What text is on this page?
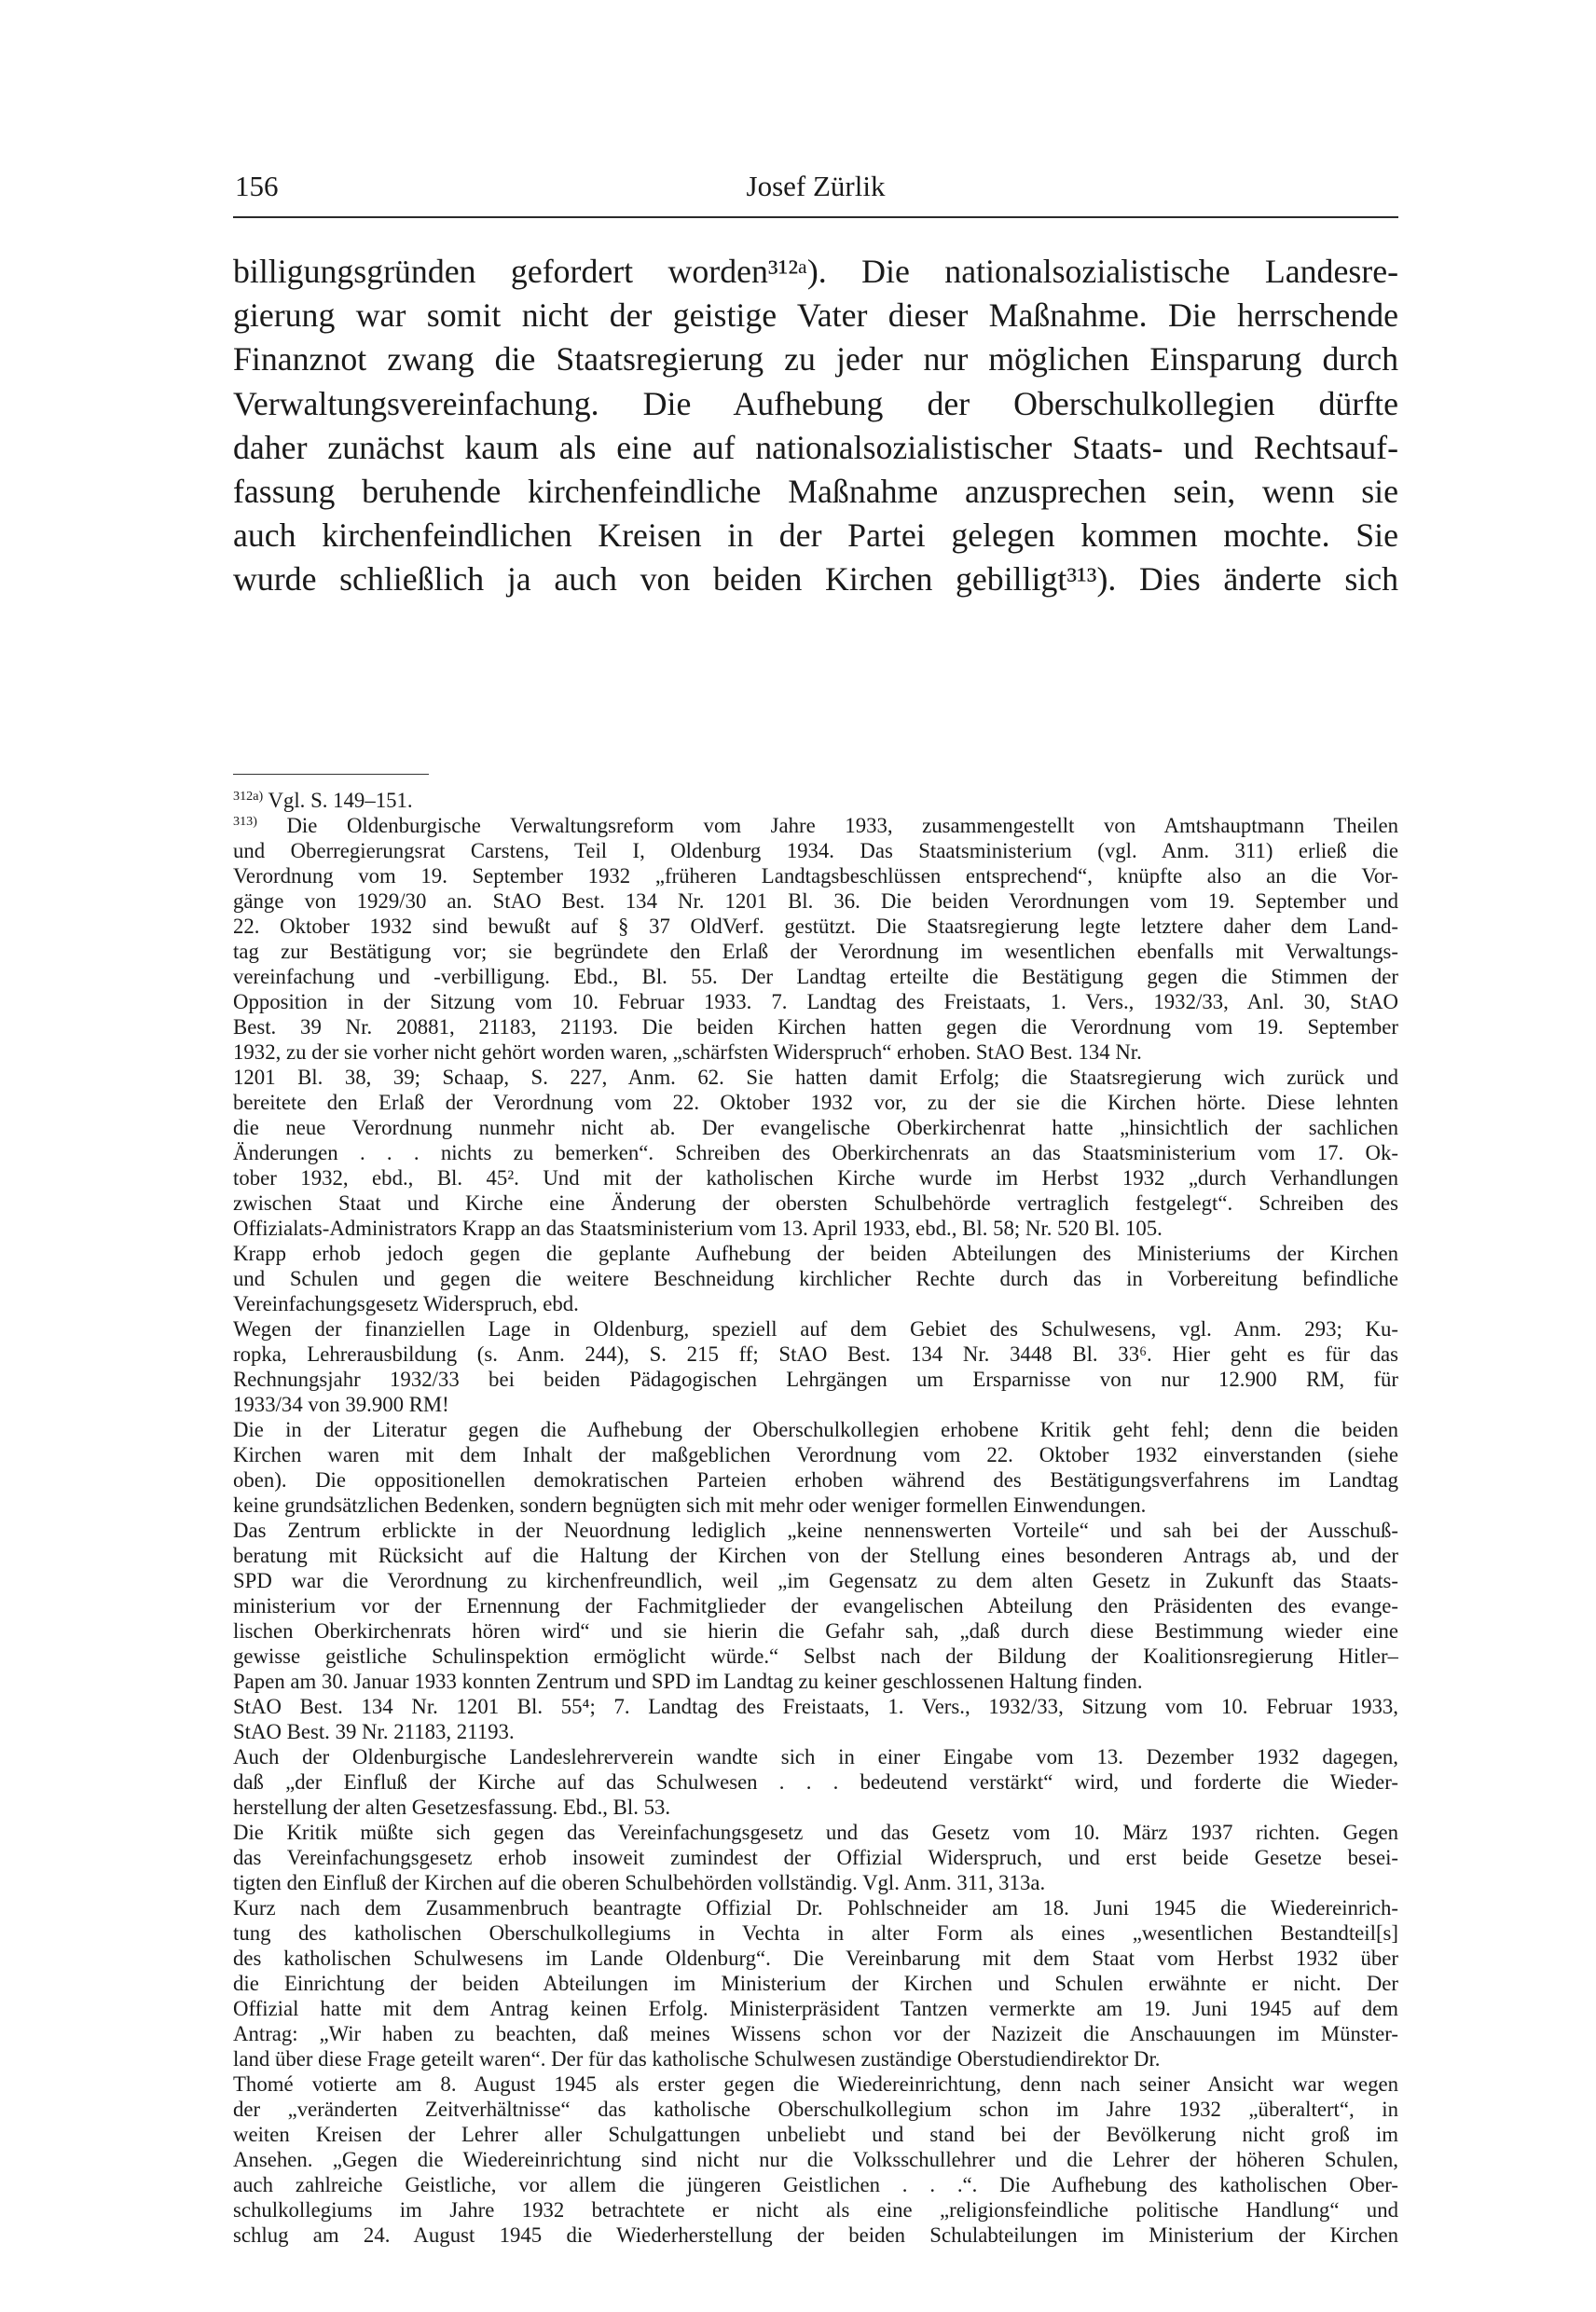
156	Josef Zürlik
billigungsgründen gefordert worden³¹²ᵃ). Die nationalsozialistische Landesre-
gierung war somit nicht der geistige Vater dieser Maßnahme. Die herrschende
Finanznot zwang die Staatsregierung zu jeder nur möglichen Einsparung durch
Verwaltungsvereinfachung. Die Aufhebung der Oberschulkollegien dürfte
daher zunächst kaum als eine auf nationalsozialistischer Staats- und Rechtsauf-
fassung beruhende kirchenfeindliche Maßnahme anzusprechen sein, wenn sie
auch kirchenfeindlichen Kreisen in der Partei gelegen kommen mochte. Sie
wurde schließlich ja auch von beiden Kirchen gebilligt³¹³). Dies änderte sich
$^{312a)}$ Vgl. S. 149–151.
$^{313)}$ Die Oldenburgische Verwaltungsreform vom Jahre 1933, zusammengestellt von Amtshauptmann Theilen
und Oberregierungsrat Carstens, Teil I, Oldenburg 1934. Das Staatsministerium (vgl. Anm. 311) erließ die
Verordnung vom 19. September 1932 „früheren Landtagsbeschlüssen entsprechend“, knüpfte also an die Vor-
gänge von 1929/30 an. StAO Best. 134 Nr. 1201 Bl. 36. Die beiden Verordnungen vom 19. September und
22. Oktober 1932 sind bewußt auf § 37 OldVerf. gestützt. Die Staatsregierung legte letztere daher dem Land-
tag zur Bestätigung vor; sie begründete den Erlaß der Verordnung im wesentlichen ebenfalls mit Verwaltungs-
vereinfachung und -verbilligung. Ebd., Bl. 55. Der Landtag erteilte die Bestätigung gegen die Stimmen der
Opposition in der Sitzung vom 10. Februar 1933. 7. Landtag des Freistaats, 1. Vers., 1932/33, Anl. 30, StAO
Best. 39 Nr. 20881, 21183, 21193. Die beiden Kirchen hatten gegen die Verordnung vom 19. September
1932, zu der sie vorher nicht gehört worden waren, „schärfsten Widerspruch“ erhoben. StAO Best. 134 Nr.
1201 Bl. 38, 39; Schaap, S. 227, Anm. 62. Sie hatten damit Erfolg; die Staatsregierung wich zurück und
bereitete den Erlaß der Verordnung vom 22. Oktober 1932 vor, zu der sie die Kirchen hörte. Diese lehnten
die neue Verordnung nunmehr nicht ab. Der evangelische Oberkirchenrat hatte „hinsichtlich der sachlichen
Änderungen . . . nichts zu bemerken“. Schreiben des Oberkirchenrats an das Staatsministerium vom 17. Ok-
tober 1932, ebd., Bl. 45². Und mit der katholischen Kirche wurde im Herbst 1932 „durch Verhandlungen
zwischen Staat und Kirche eine Änderung der obersten Schulbehörde vertraglich festgelegt“. Schreiben des
Offizialats-Administrators Krapp an das Staatsministerium vom 13. April 1933, ebd., Bl. 58; Nr. 520 Bl. 105.
Krapp erhob jedoch gegen die geplante Aufhebung der beiden Abteilungen des Ministeriums der Kirchen
und Schulen und gegen die weitere Beschneidung kirchlicher Rechte durch das in Vorbereitung befindliche
Vereinfachungsgesetz Widerspruch, ebd.
Wegen der finanziellen Lage in Oldenburg, speziell auf dem Gebiet des Schulwesens, vgl. Anm. 293; Ku-
ropka, Lehrerausbildung (s. Anm. 244), S. 215 ff; StAO Best. 134 Nr. 3448 Bl. 33⁶. Hier geht es für das
Rechnungsjahr 1932/33 bei beiden Pädagogischen Lehrgängen um Ersparnisse von nur 12.900 RM, für
1933/34 von 39.900 RM!
Die in der Literatur gegen die Aufhebung der Oberschulkollegien erhobene Kritik geht fehl; denn die beiden
Kirchen waren mit dem Inhalt der maßgeblichen Verordnung vom 22. Oktober 1932 einverstanden (siehe
oben). Die oppositionellen demokratischen Parteien erhoben während des Bestätigungsverfahrens im Landtag
keine grundsätzlichen Bedenken, sondern begnügten sich mit mehr oder weniger formellen Einwendungen.
Das Zentrum erblickte in der Neuordnung lediglich „keine nennenswerten Vorteile“ und sah bei der Ausschuß-
beratung mit Rücksicht auf die Haltung der Kirchen von der Stellung eines besonderen Antrags ab, und der
SPD war die Verordnung zu kirchenfreundlich, weil „im Gegensatz zu dem alten Gesetz in Zukunft das Staats-
ministerium vor der Ernennung der Fachmitglieder der evangelischen Abteilung den Präsidenten des evange-
lischen Oberkirchenrats hören wird“ und sie hierin die Gefahr sah, „daß durch diese Bestimmung wieder eine
gewisse geistliche Schulinspektion ermöglicht würde.“ Selbst nach der Bildung der Koalitionsregierung Hitler–
Papen am 30. Januar 1933 konnten Zentrum und SPD im Landtag zu keiner geschlossenen Haltung finden.
StAO Best. 134 Nr. 1201 Bl. 55⁴; 7. Landtag des Freistaats, 1. Vers., 1932/33, Sitzung vom 10. Februar 1933,
StAO Best. 39 Nr. 21183, 21193.
Auch der Oldenburgische Landeslehrerverein wandte sich in einer Eingabe vom 13. Dezember 1932 dagegen,
daß „der Einfluß der Kirche auf das Schulwesen . . . bedeutend verstärkt“ wird, und forderte die Wieder-
herstellung der alten Gesetzesfassung. Ebd., Bl. 53.
Die Kritik müßte sich gegen das Vereinfachungsgesetz und das Gesetz vom 10. März 1937 richten. Gegen
das Vereinfachungsgesetz erhob insoweit zumindest der Offizial Widerspruch, und erst beide Gesetze besei-
tigten den Einfluß der Kirchen auf die oberen Schulbehörden vollständig. Vgl. Anm. 311, 313a.
Kurz nach dem Zusammenbruch beantragte Offizial Dr. Pohlschneider am 18. Juni 1945 die Wiedereinrich-
tung des katholischen Oberschulkollegiums in Vechta in alter Form als eines „wesentlichen Bestandteil[s]
des katholischen Schulwesens im Lande Oldenburg“. Die Vereinbarung mit dem Staat vom Herbst 1932 über
die Einrichtung der beiden Abteilungen im Ministerium der Kirchen und Schulen erwähnte er nicht. Der
Offizial hatte mit dem Antrag keinen Erfolg. Ministerpräsident Tantzen vermerkte am 19. Juni 1945 auf dem
Antrag: „Wir haben zu beachten, daß meines Wissens schon vor der Nazizeit die Anschauungen im Münster-
land über diese Frage geteilt waren“. Der für das katholische Schulwesen zuständige Oberstudiendirektor Dr.
Thomé votierte am 8. August 1945 als erster gegen die Wiedereinrichtung, denn nach seiner Ansicht war wegen
der „veränderten Zeitverhältnisse“ das katholische Oberschulkollegium schon im Jahre 1932 „überaltert“, in
weiten Kreisen der Lehrer aller Schulgattungen unbeliebt und stand bei der Bevölkerung nicht groß im
Ansehen. „Gegen die Wiedereinrichtung sind nicht nur die Volksschullehrer und die Lehrer der höheren Schulen,
auch zahlreiche Geistliche, vor allem die jüngeren Geistlichen . . .“. Die Aufhebung des katholischen Ober-
schulkollegiums im Jahre 1932 betrachtete er nicht als eine „religionsfeindliche politische Handlung“ und
schlug am 24. August 1945 die Wiederherstellung der beiden Schulabteilungen im Ministerium der Kirchen
